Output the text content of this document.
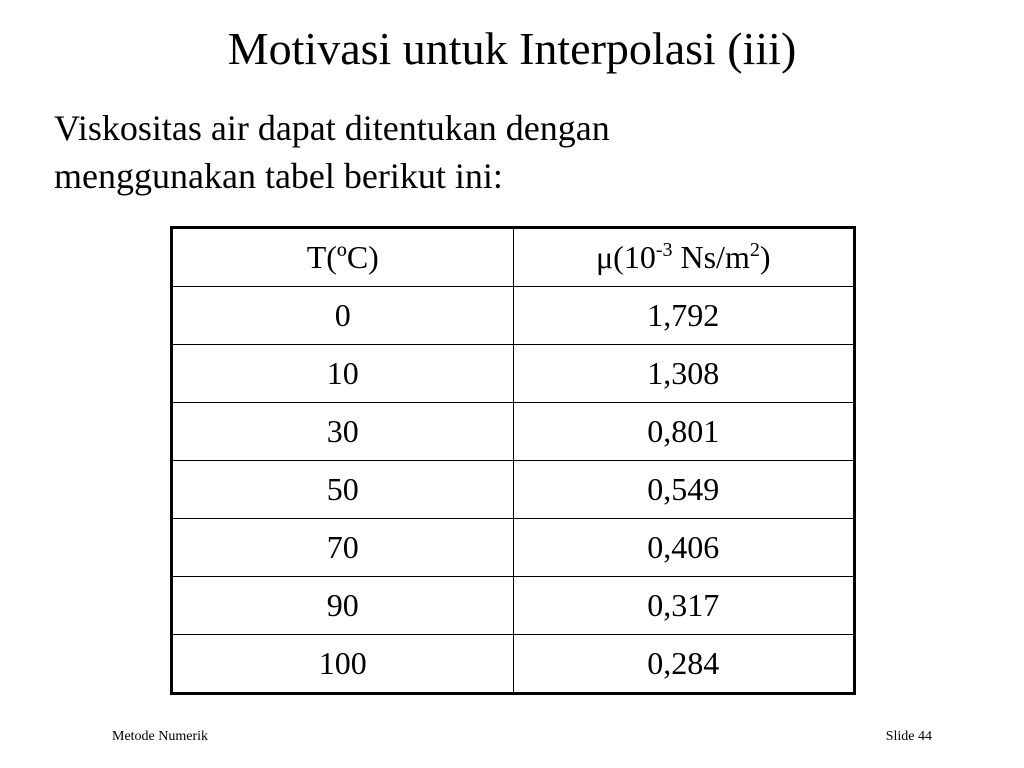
Motivasi untuk Interpolasi (iii)
Viskositas air dapat ditentukan dengan
menggunakan tabel berikut ini:
T(ºC)	$\mu(10^{-3}$ $Ns/m^2$)
0	1,792
10	1,308
30	0,801
50	0,549
70	0,406
90	0,317
100	0,284
Metode Numerik	Slide 44
